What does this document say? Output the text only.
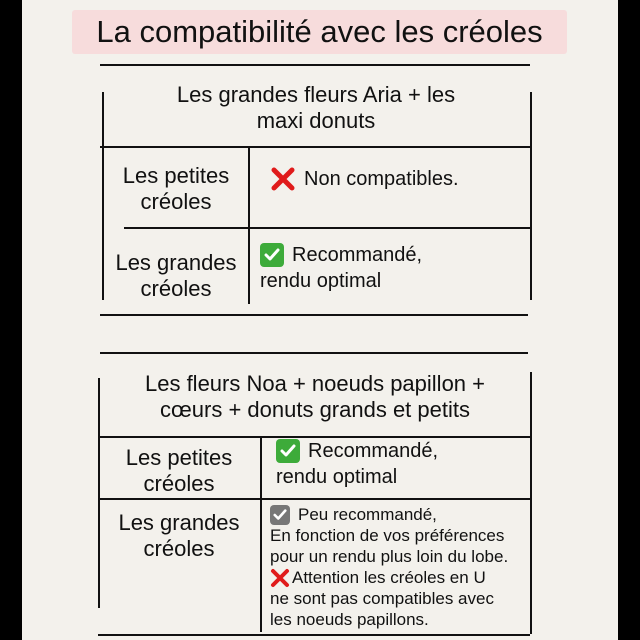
La compatibilité avec les créoles
Les grandes fleurs Aria + les
maxi donuts
Les petites
créoles
Non compatibles.
Les grandes
créoles
Recommandé,
rendu optimal
Les fleurs Noa + noeuds papillon +
cœurs + donuts grands et petits
Les petites
créoles
Recommandé,
rendu optimal
Les grandes
créoles
Peu recommandé,
En fonction de vos préférences
pour un rendu plus loin du lobe.
Attention les créoles en U
ne sont pas compatibles avec
les noeuds papillons.
